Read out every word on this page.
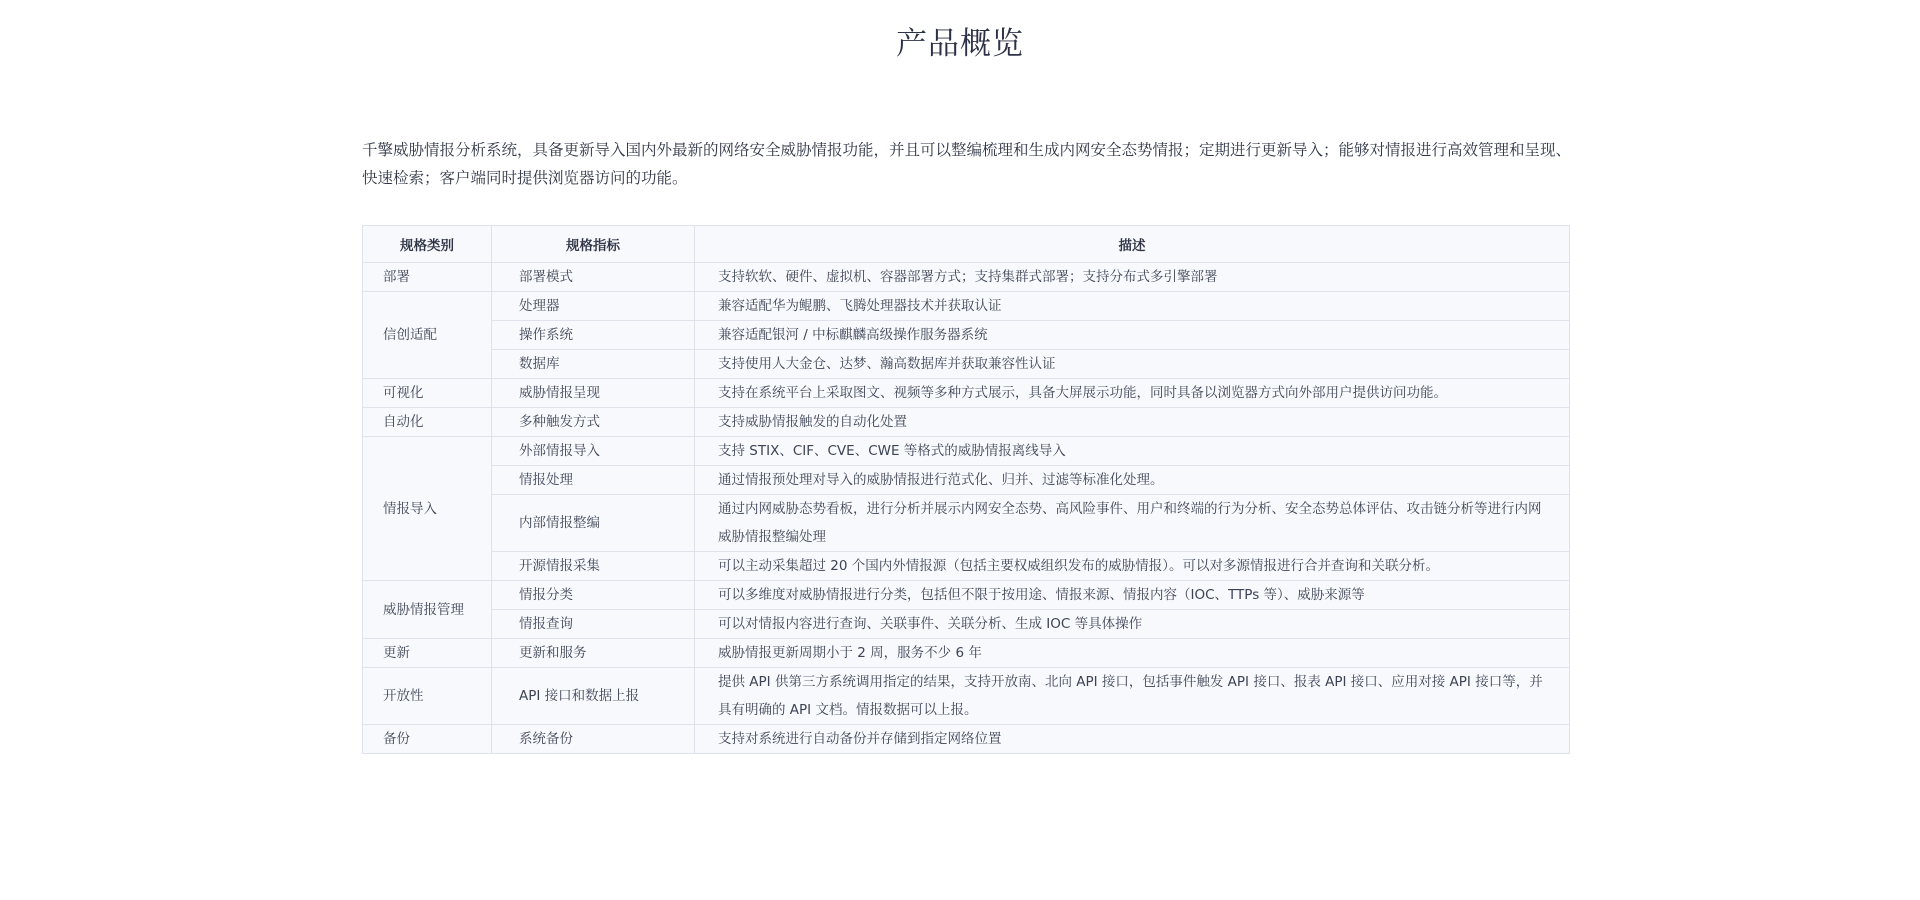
产品概览

千擎威胁情报分析系统，具备更新导入国内外最新的网络安全威胁情报功能，并且可以整编梳理和生成内网安全态势情报；定期进行更新导入；能够对情报进行高效管理和呈现、快速检索；客户端同时提供浏览器访问的功能。

规格类别	规格指标	描述
部署	部署模式	支持软软、硬件、虚拟机、容器部署方式；支持集群式部署；支持分布式多引擎部署
信创适配	处理器	兼容适配华为鲲鹏、飞腾处理器技术并获取认证
	操作系统	兼容适配银河 / 中标麒麟高级操作服务器系统
	数据库	支持使用人大金仓、达梦、瀚高数据库并获取兼容性认证
可视化	威胁情报呈现	支持在系统平台上采取图文、视频等多种方式展示，具备大屏展示功能，同时具备以浏览器方式向外部用户提供访问功能。
自动化	多种触发方式	支持威胁情报触发的自动化处置
情报导入	外部情报导入	支持 STIX、CIF、CVE、CWE 等格式的威胁情报离线导入
	情报处理	通过情报预处理对导入的威胁情报进行范式化、归并、过滤等标准化处理。
	内部情报整编	通过内网威胁态势看板，进行分析并展示内网安全态势、高风险事件、用户和终端的行为分析、安全态势总体评估、攻击链分析等进行内网威胁情报整编处理
	开源情报采集	可以主动采集超过 20 个国内外情报源（包括主要权威组织发布的威胁情报）。可以对多源情报进行合并查询和关联分析。
威胁情报管理	情报分类	可以多维度对威胁情报进行分类，包括但不限于按用途、情报来源、情报内容（IOC、TTPs 等）、威胁来源等
	情报查询	可以对情报内容进行查询、关联事件、关联分析、生成 IOC 等具体操作
更新	更新和服务	威胁情报更新周期小于 2 周，服务不少 6 年
开放性	API 接口和数据上报	提供 API 供第三方系统调用指定的结果，支持开放南、北向 API 接口，包括事件触发 API 接口、报表 API 接口、应用对接 API 接口等，并具有明确的 API 文档。情报数据可以上报。
备份	系统备份	支持对系统进行自动备份并存储到指定网络位置
